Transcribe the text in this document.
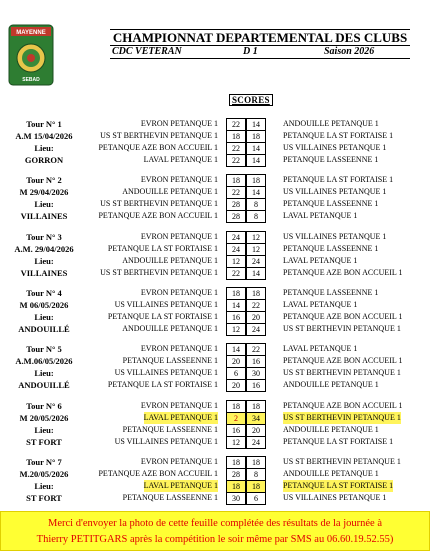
MAYENNE
SEBAD
CHAMPIONNAT DEPARTEMENTAL DES CLUBS
CDC VETERAN	D 1	Saison 2026
SCORES
Tour N° 1
A.M 15/04/2026
Lieu:
GORRON
EVRON PETANQUE 1	22	14	ANDOUILLE PETANQUE 1
US ST BERTHEVIN PETANQUE 1	18	18	PETANQUE LA ST FORTAISE 1
PETANQUE AZE BON ACCUEIL 1	22	14	US VILLAINES PETANQUE 1
LAVAL PETANQUE 1	22	14	PETANQUE LASSEENNE 1
Tour N° 2
M 29/04/2026
Lieu:
VILLAINES
EVRON PETANQUE 1	18	18	PETANQUE LA ST FORTAISE 1
ANDOUILLE PETANQUE 1	22	14	US VILLAINES PETANQUE 1
US ST BERTHEVIN PETANQUE 1	28	8	PETANQUE LASSEENNE 1
PETANQUE AZE BON ACCUEIL 1	28	8	LAVAL PETANQUE 1
Tour N° 3
A.M. 29/04/2026
Lieu:
VILLAINES
EVRON PETANQUE 1	24	12	US VILLAINES PETANQUE 1
PETANQUE LA ST FORTAISE 1	24	12	PETANQUE LASSEENNE 1
ANDOUILLE PETANQUE 1	12	24	LAVAL PETANQUE 1
US ST BERTHEVIN PETANQUE 1	22	14	PETANQUE AZE BON ACCUEIL 1
Tour N° 4
M 06/05/2026
Lieu:
ANDOUILLÉ
EVRON PETANQUE 1	18	18	PETANQUE LASSEENNE 1
US VILLAINES PETANQUE 1	14	22	LAVAL PETANQUE 1
PETANQUE LA ST FORTAISE 1	16	20	PETANQUE AZE BON ACCUEIL 1
ANDOUILLE PETANQUE 1	12	24	US ST BERTHEVIN PETANQUE 1
Tour N° 5
A.M.06/05/2026
Lieu:
ANDOUILLÉ
EVRON PETANQUE 1	14	22	LAVAL PETANQUE 1
PETANQUE LASSEENNE 1	20	16	PETANQUE AZE BON ACCUEIL 1
US VILLAINES PETANQUE 1	6	30	US ST BERTHEVIN PETANQUE 1
PETANQUE LA ST FORTAISE 1	20	16	ANDOUILLE PETANQUE 1
Tour N° 6
M 20/05/2026
Lieu:
ST FORT
EVRON PETANQUE 1	18	18	PETANQUE AZE BON ACCUEIL 1
LAVAL PETANQUE 1	2	34	US ST BERTHEVIN PETANQUE 1
PETANQUE LASSEENNE 1	16	20	ANDOUILLE PETANQUE 1
US VILLAINES PETANQUE 1	12	24	PETANQUE LA ST FORTAISE 1
Tour N° 7
M.20/05/2026
Lieu:
ST FORT
EVRON PETANQUE 1	18	18	US ST BERTHEVIN PETANQUE 1
PETANQUE AZE BON ACCUEIL 1	28	8	ANDOUILLE PETANQUE 1
LAVAL PETANQUE 1	18	18	PETANQUE LA ST FORTAISE 1
PETANQUE LASSEENNE 1	30	6	US VILLAINES PETANQUE 1
Merci d'envoyer la photo de cette feuille complétée des résultats de la journée à
Thierry PETITGARS après la compétition le soir même par SMS au 06.60.19.52.55)
